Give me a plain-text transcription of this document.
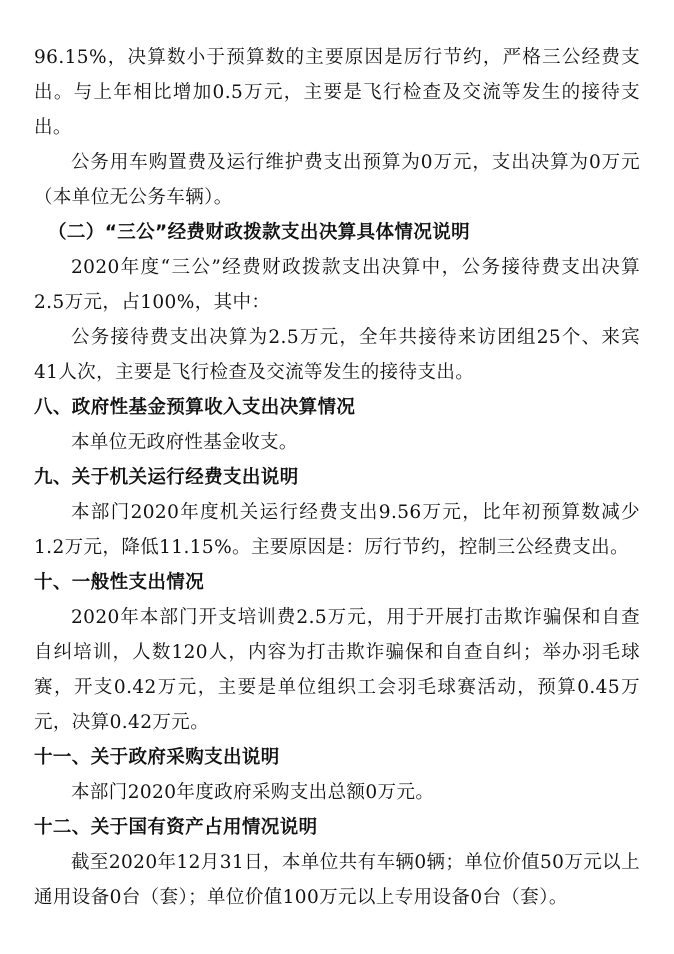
96.15%，决算数小于预算数的主要原因是厉行节约，严格三公经费支出。与上年相比增加0.5万元，主要是飞行检查及交流等发生的接待支出。

公务用车购置费及运行维护费支出预算为0万元，支出决算为0万元（本单位无公务车辆）。

（二）“三公”经费财政拨款支出决算具体情况说明

2020年度“三公”经费财政拨款支出决算中，公务接待费支出决算2.5万元，占100%，其中：

公务接待费支出决算为2.5万元，全年共接待来访团组25个、来宾41人次，主要是飞行检查及交流等发生的接待支出。

八、政府性基金预算收入支出决算情况

本单位无政府性基金收支。

九、关于机关运行经费支出说明

本部门2020年度机关运行经费支出9.56万元，比年初预算数减少1.2万元，降低11.15%。主要原因是：厉行节约，控制三公经费支出。

十、一般性支出情况

2020年本部门开支培训费2.5万元，用于开展打击欺诈骗保和自查自纠培训，人数120人，内容为打击欺诈骗保和自查自纠；举办羽毛球赛，开支0.42万元，主要是单位组织工会羽毛球赛活动，预算0.45万元，决算0.42万元。

十一、关于政府采购支出说明

本部门2020年度政府采购支出总额0万元。

十二、关于国有资产占用情况说明

截至2020年12月31日，本单位共有车辆0辆；单位价值50万元以上通用设备0台（套）；单位价值100万元以上专用设备0台（套）。
